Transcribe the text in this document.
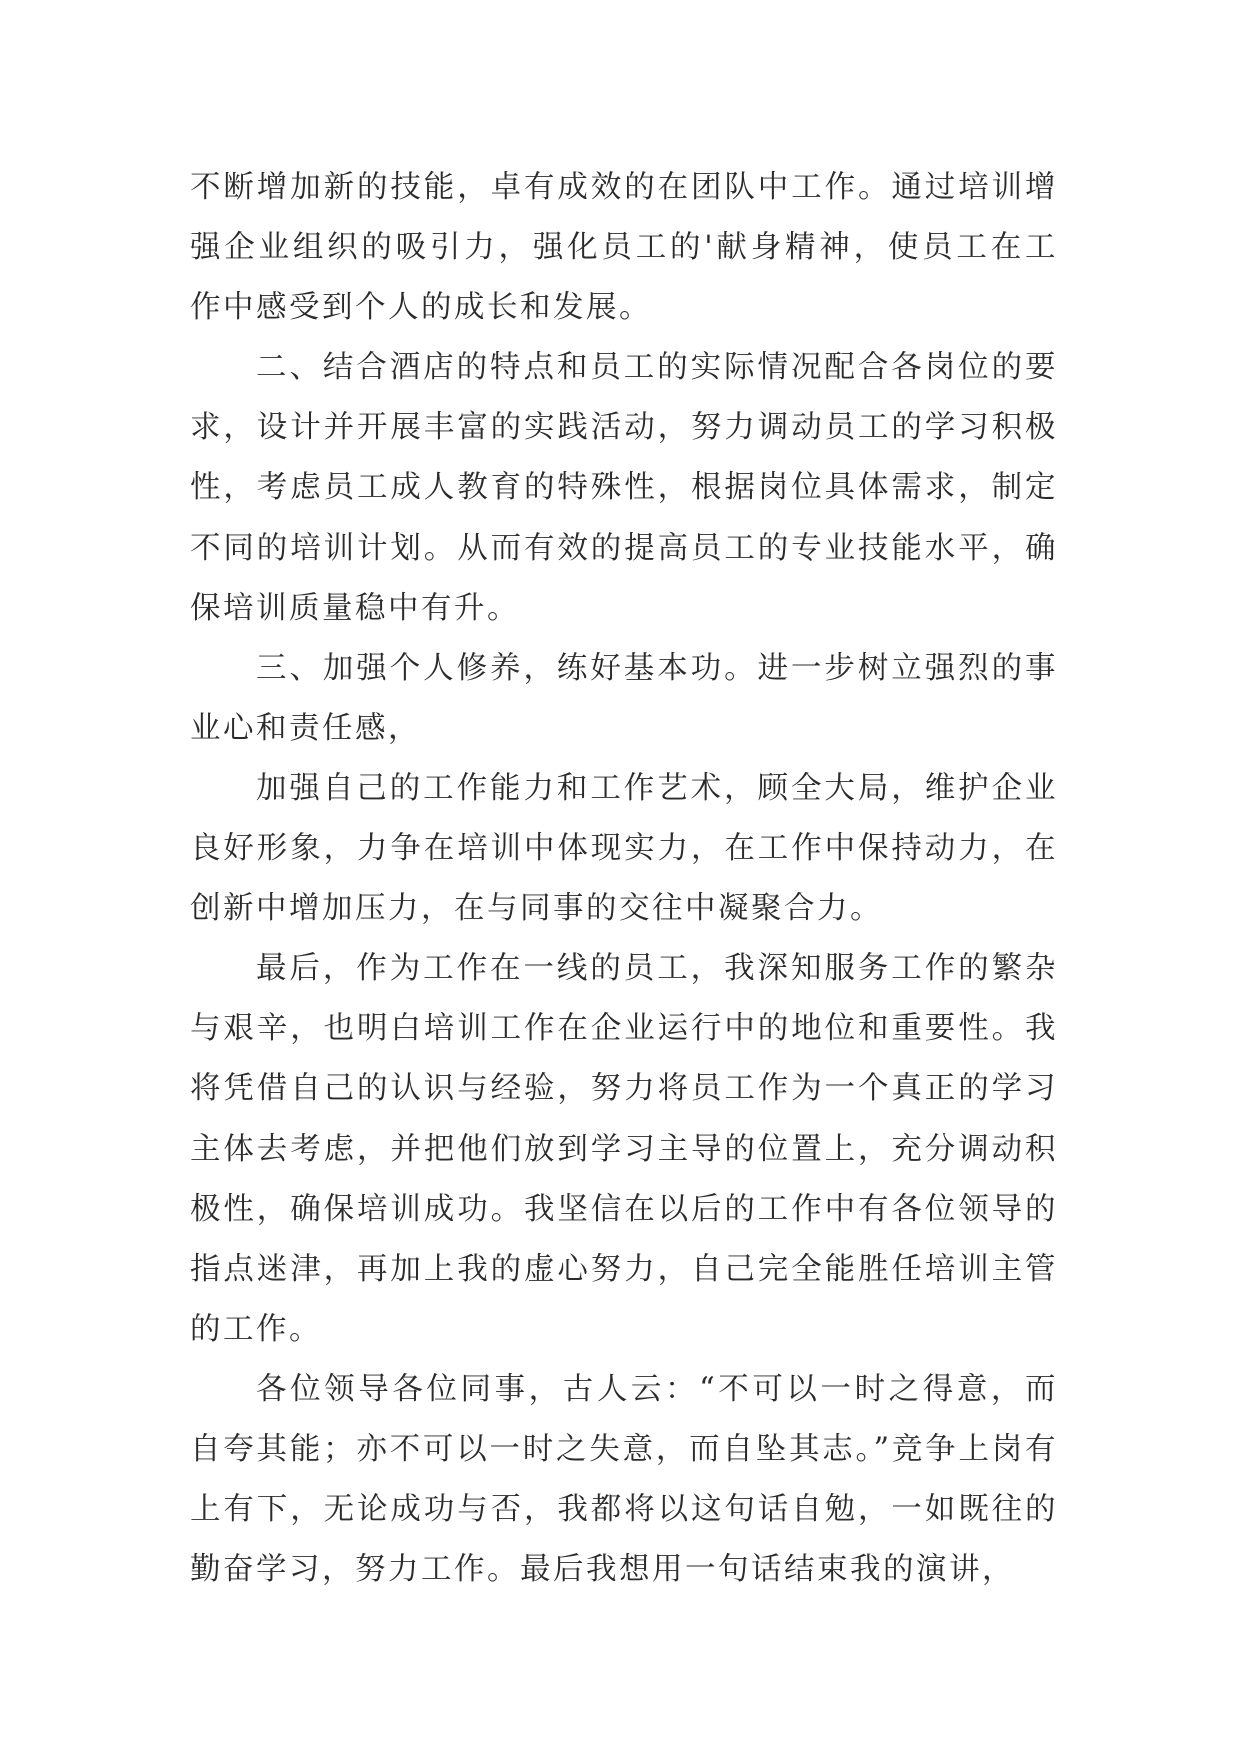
不断增加新的技能，卓有成效的在团队中工作。通过培训增强企业组织的吸引力，强化员工的'献身精神，使员工在工作中感受到个人的成长和发展。

二、结合酒店的特点和员工的实际情况配合各岗位的要求，设计并开展丰富的实践活动，努力调动员工的学习积极性，考虑员工成人教育的特殊性，根据岗位具体需求，制定不同的培训计划。从而有效的提高员工的专业技能水平，确保培训质量稳中有升。

三、加强个人修养，练好基本功。进一步树立强烈的事业心和责任感，

加强自己的工作能力和工作艺术，顾全大局，维护企业良好形象，力争在培训中体现实力，在工作中保持动力，在创新中增加压力，在与同事的交往中凝聚合力。

最后，作为工作在一线的员工，我深知服务工作的繁杂与艰辛，也明白培训工作在企业运行中的地位和重要性。我将凭借自己的认识与经验，努力将员工作为一个真正的学习主体去考虑，并把他们放到学习主导的位置上，充分调动积极性，确保培训成功。我坚信在以后的工作中有各位领导的指点迷津，再加上我的虚心努力，自己完全能胜任培训主管的工作。

各位领导各位同事，古人云：“不可以一时之得意，而自夸其能；亦不可以一时之失意，而自坠其志。”竞争上岗有上有下，无论成功与否，我都将以这句话自勉，一如既往的勤奋学习，努力工作。最后我想用一句话结束我的演讲，
